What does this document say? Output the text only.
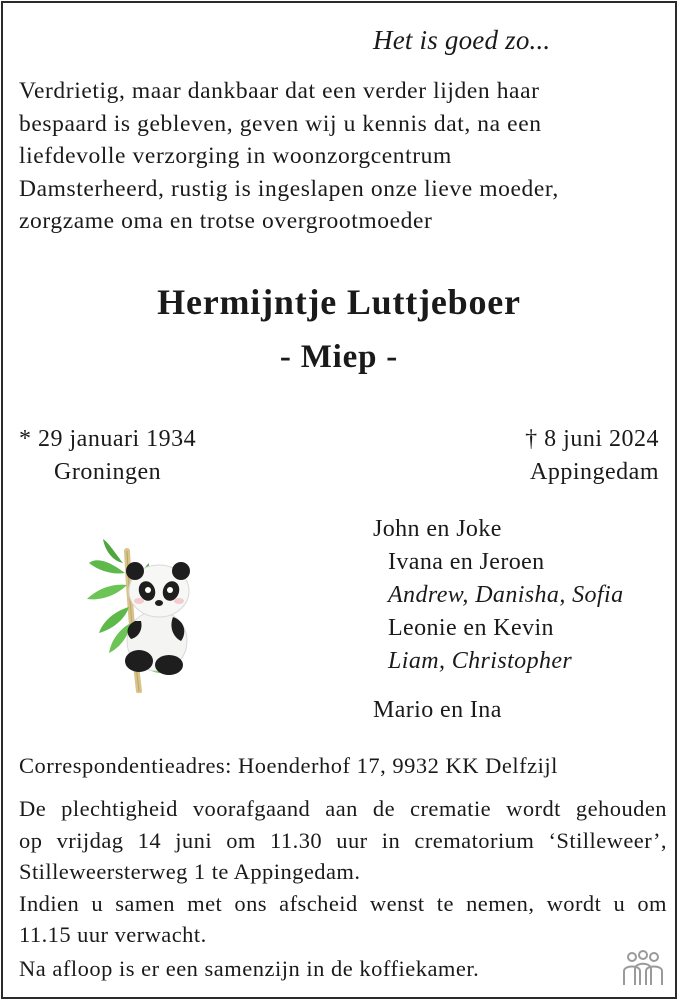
Het is goed zo...
Verdrietig, maar dankbaar dat een verder lijden haar
bespaard is gebleven, geven wij u kennis dat, na een
liefdevolle verzorging in woonzorgcentrum
Damsterheerd, rustig is ingeslapen onze lieve moeder,
zorgzame oma en trotse overgrootmoeder
Hermijntje Luttjeboer
- Miep -
* 29 januari 1934
Groningen
† 8 juni 2024
Appingedam
John en Joke
Ivana en Jeroen
Andrew, Danisha, Sofia
Leonie en Kevin
Liam, Christopher
Mario en Ina
Correspondentieadres: Hoenderhof 17, 9932 KK Delfzijl
De plechtigheid voorafgaand aan de crematie wordt gehouden
op vrijdag 14 juni om 11.30 uur in crematorium ‘Stilleweer’,
Stilleweersterweg 1 te Appingedam.
Indien u samen met ons afscheid wenst te nemen, wordt u om
11.15 uur verwacht.
Na afloop is er een samenzijn in de koffiekamer.
